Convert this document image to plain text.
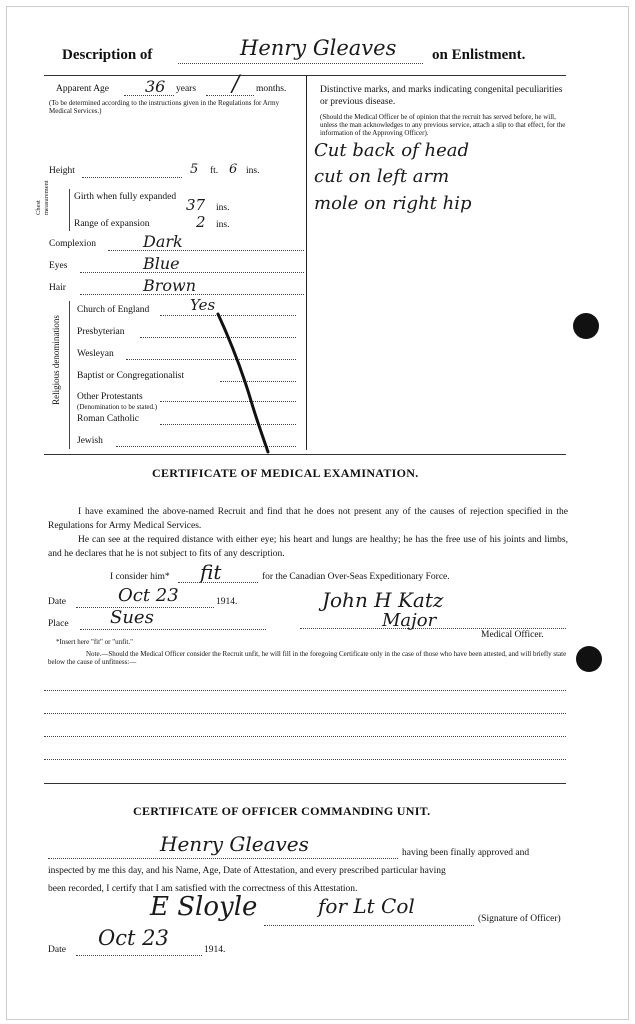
Description of	Henry Gleaves on Enlistment.
Apparent Age 36 years / months.
(To be determined according to the instructions given in the Regulations for Army Medical Services.)
Height	5 ft. 6 ins.
Chest measurement	Girth when fully expanded 37 ins.
Range of expansion	2 ins.
Complexion	Dark
Eyes	Blue
Hair	Brown
Religious denominations
Church of England	Yes
Presbyterian
Wesleyan
Baptist or Congregationalist
Other Protestants
(Denomination to be stated.)
Roman Catholic
Jewish
Distinctive marks, and marks indicating congenital peculiarities or previous disease.
(Should the Medical Officer be of opinion that the recruit has served before, he will, unless the man acknowledges to any previous service, attach a slip to that effect, for the information of the Approving Officer).
Cut back of head
cut on left arm
mole on right hip
CERTIFICATE OF MEDICAL EXAMINATION.
I have examined the above-named Recruit and find that he does not present any of the causes of rejection specified in the Regulations for Army Medical Services.
He can see at the required distance with either eye; his heart and lungs are healthy; he has the free use of his joints and limbs, and he declares that he is not subject to fits of any description.
I consider him* fit	for the Canadian Over-Seas Expeditionary Force.
Date	Oct 23	1914.	John H Katz
Major
Place Sues
Medical Officer.
*Insert here "fit" or "unfit."
Note.—Should the Medical Officer consider the Recruit unfit, he will fill in the foregoing Certificate only in the case of those who have been attested, and will briefly state below the cause of unfitness:—
CERTIFICATE OF OFFICER COMMANDING UNIT.
Henry Gleaves	having been finally approved and
inspected by me this day, and his Name, Age, Date of Attestation, and every prescribed particular having
been recorded, I certify that I am satisfied with the correctness of this Attestation.
E Sloyle	for Lt Col
(Signature of Officer)
Date Oct 23	1914.
